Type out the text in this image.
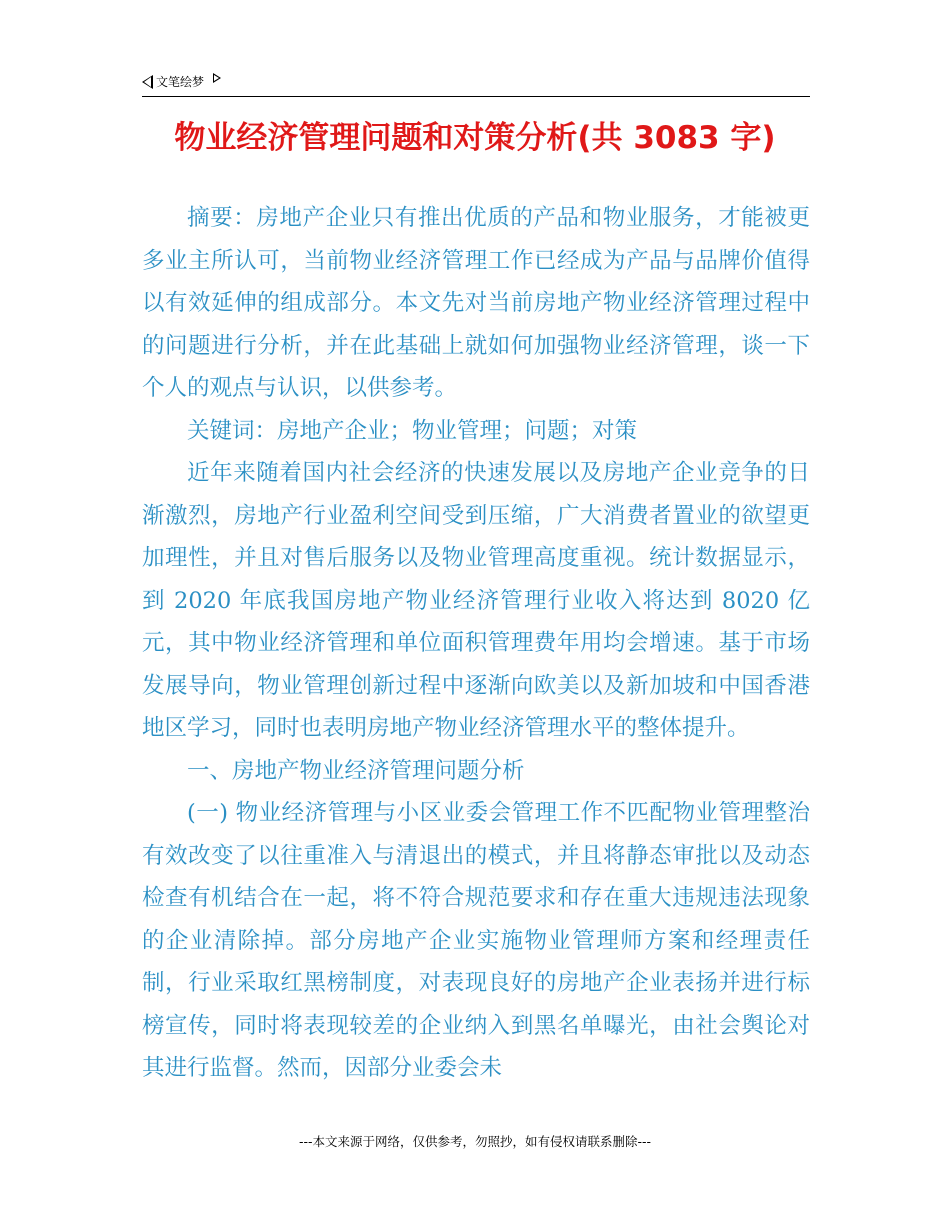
文笔绘梦
物业经济管理问题和对策分析(共 3083 字)

摘要：房地产企业只有推出优质的产品和物业服务，才能被更多业主所认可，当前物业经济管理工作已经成为产品与品牌价值得以有效延伸的组成部分。本文先对当前房地产物业经济管理过程中的问题进行分析，并在此基础上就如何加强物业经济管理，谈一下个人的观点与认识，以供参考。

关键词：房地产企业；物业管理；问题；对策

近年来随着国内社会经济的快速发展以及房地产企业竞争的日渐激烈，房地产行业盈利空间受到压缩，广大消费者置业的欲望更加理性，并且对售后服务以及物业管理高度重视。统计数据显示，到 2020 年底我国房地产物业经济管理行业收入将达到 8020 亿元，其中物业经济管理和单位面积管理费年用均会增速。基于市场发展导向，物业管理创新过程中逐渐向欧美以及新加坡和中国香港地区学习，同时也表明房地产物业经济管理水平的整体提升。

一、房地产物业经济管理问题分析

(一) 物业经济管理与小区业委会管理工作不匹配物业管理整治有效改变了以往重准入与清退出的模式，并且将静态审批以及动态检查有机结合在一起，将不符合规范要求和存在重大违规违法现象的企业清除掉。部分房地产企业实施物业管理师方案和经理责任制，行业采取红黑榜制度，对表现良好的房地产企业表扬并进行标榜宣传，同时将表现较差的企业纳入到黑名单曝光，由社会舆论对其进行监督。然而，因部分业委会未

---本文来源于网络，仅供参考，勿照抄，如有侵权请联系删除---
